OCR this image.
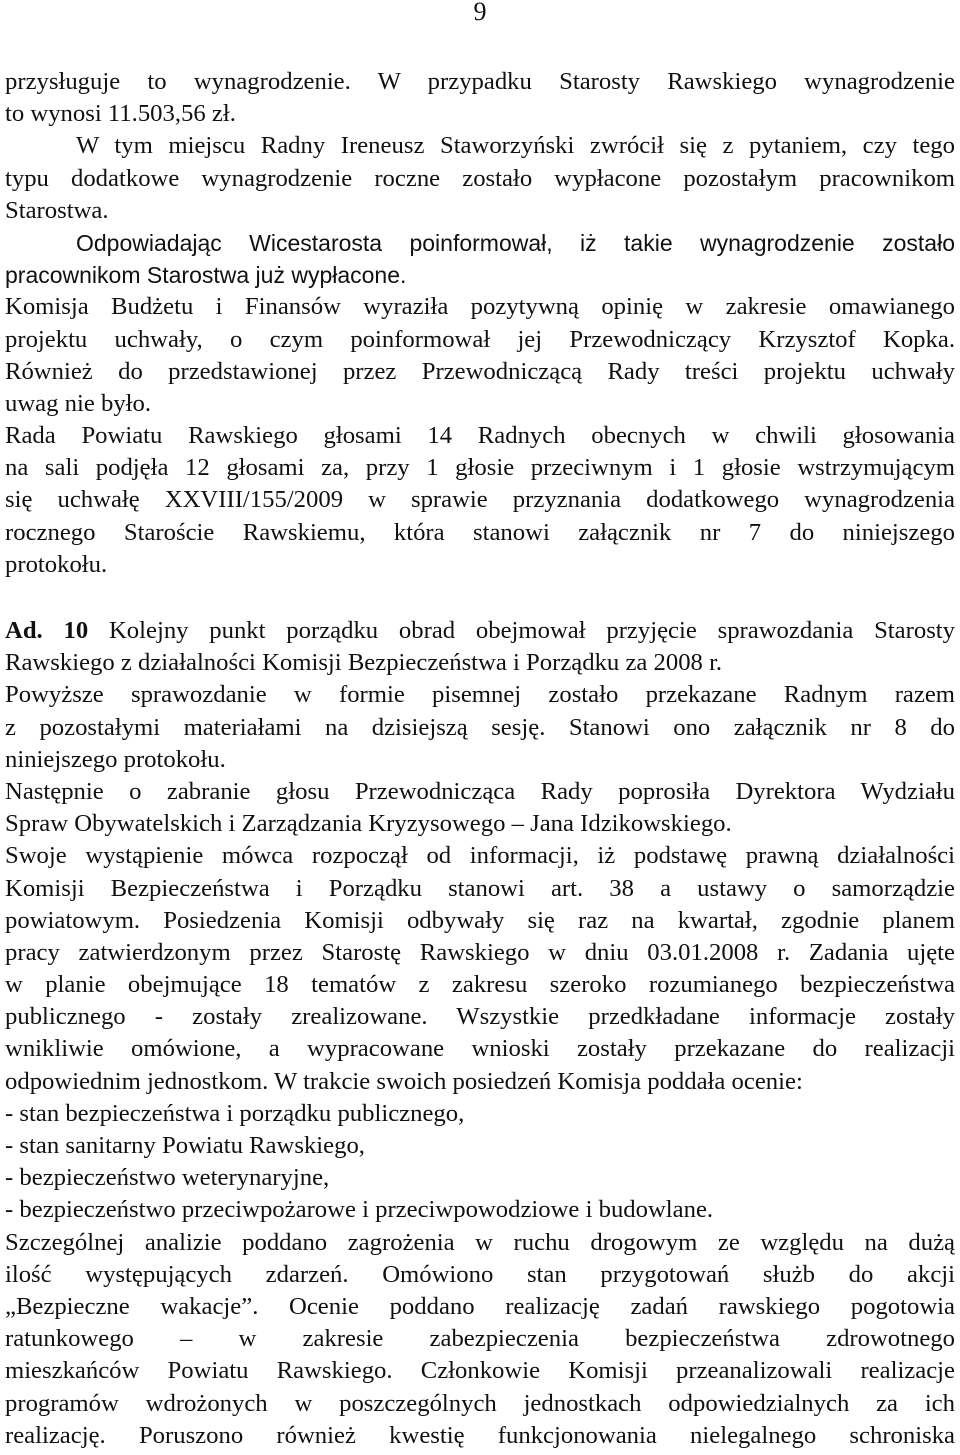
9
przysługuje to wynagrodzenie. W przypadku Starosty Rawskiego wynagrodzenie
to wynosi 11.503,56 zł.
W tym miejscu Radny Ireneusz Staworzyński zwrócił się z pytaniem, czy tego
typu dodatkowe wynagrodzenie roczne zostało wypłacone pozostałym pracownikom
Starostwa.
Odpowiadając Wicestarosta poinformował, iż takie wynagrodzenie zostało
pracownikom Starostwa już wypłacone.
Komisja Budżetu i Finansów wyraziła pozytywną opinię w zakresie omawianego
projektu uchwały, o czym poinformował jej Przewodniczący Krzysztof Kopka.
Również do przedstawionej przez Przewodniczącą Rady treści projektu uchwały
uwag nie było.
Rada Powiatu Rawskiego głosami 14 Radnych obecnych w chwili głosowania
na sali podjęła 12 głosami za, przy 1 głosie przeciwnym i 1 głosie wstrzymującym
się uchwałę XXVIII/155/2009 w sprawie przyznania dodatkowego wynagrodzenia
rocznego Staroście Rawskiemu, która stanowi załącznik nr 7 do niniejszego
protokołu.
Ad. 10 Kolejny punkt porządku obrad obejmował przyjęcie sprawozdania Starosty
Rawskiego z działalności Komisji Bezpieczeństwa i Porządku za 2008 r.
Powyższe sprawozdanie w formie pisemnej zostało przekazane Radnym razem
z pozostałymi materiałami na dzisiejszą sesję. Stanowi ono załącznik nr 8 do
niniejszego protokołu.
Następnie o zabranie głosu Przewodnicząca Rady poprosiła Dyrektora Wydziału
Spraw Obywatelskich i Zarządzania Kryzysowego – Jana Idzikowskiego.
Swoje wystąpienie mówca rozpoczął od informacji, iż podstawę prawną działalności
Komisji Bezpieczeństwa i Porządku stanowi art. 38 a ustawy o samorządzie
powiatowym. Posiedzenia Komisji odbywały się raz na kwartał, zgodnie planem
pracy zatwierdzonym przez Starostę Rawskiego w dniu 03.01.2008 r. Zadania ujęte
w planie obejmujące 18 tematów z zakresu szeroko rozumianego bezpieczeństwa
publicznego - zostały zrealizowane. Wszystkie przedkładane informacje zostały
wnikliwie omówione, a wypracowane wnioski zostały przekazane do realizacji
odpowiednim jednostkom. W trakcie swoich posiedzeń Komisja poddała ocenie:
- stan bezpieczeństwa i porządku publicznego,
- stan sanitarny Powiatu Rawskiego,
- bezpieczeństwo weterynaryjne,
- bezpieczeństwo przeciwpożarowe i przeciwpowodziowe i budowlane.
Szczególnej analizie poddano zagrożenia w ruchu drogowym ze względu na dużą
ilość występujących zdarzeń. Omówiono stan przygotowań służb do akcji
„Bezpieczne wakacje”. Ocenie poddano realizację zadań rawskiego pogotowia
ratunkowego – w zakresie zabezpieczenia bezpieczeństwa zdrowotnego
mieszkańców Powiatu Rawskiego. Członkowie Komisji przeanalizowali realizacje
programów wdrożonych w poszczególnych jednostkach odpowiedzialnych za ich
realizację. Poruszono również kwestię funkcjonowania nielegalnego schroniska
